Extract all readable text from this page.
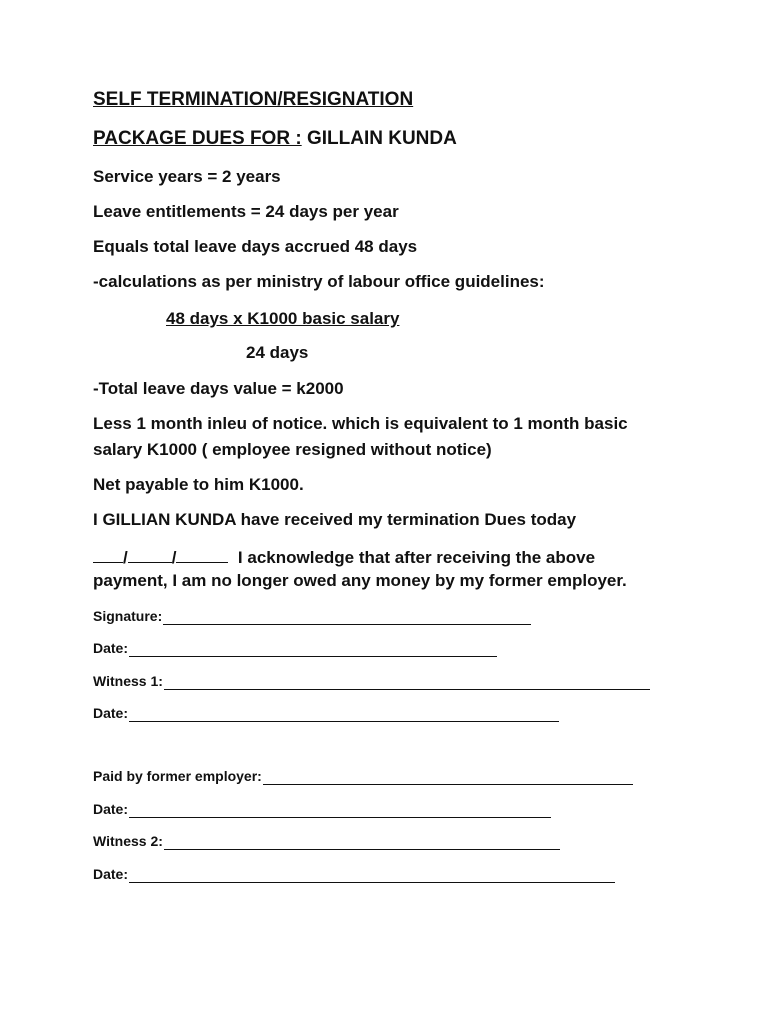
SELF TERMINATION/RESIGNATION
PACKAGE DUES FOR : GILLAIN KUNDA
Service years = 2 years
Leave entitlements = 24 days per year
Equals total leave days accrued 48 days
-calculations as per ministry of labour office guidelines:
48 days x K1000 basic salary
24 days
-Total leave days value = k2000
Less 1 month inleu of notice. which is equivalent to 1 month basic
salary K1000 ( employee resigned without notice)
Net payable to him K1000.
I GILLIAN KUNDA have received my termination Dues today
/	/	I acknowledge that after receiving the above
payment, I am no longer owed any money by my former employer.
Signature:
Date:
Witness 1:
Date:
Paid by former employer:
Date:
Witness 2:
Date:
